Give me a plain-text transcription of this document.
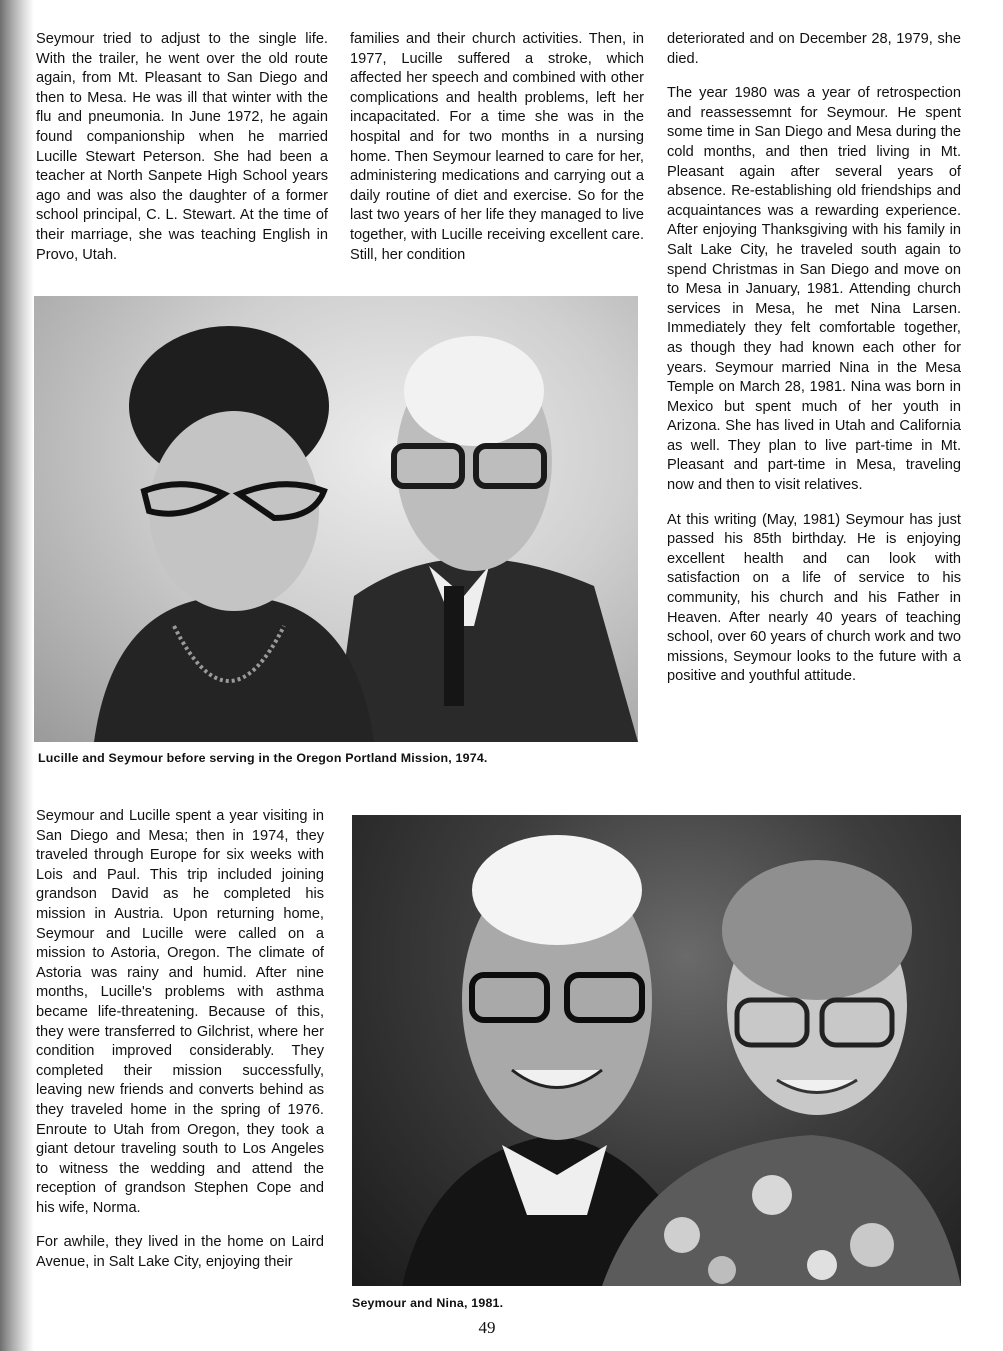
Seymour tried to adjust to the single life. With the trailer, he went over the old route again, from Mt. Pleasant to San Diego and then to Mesa. He was ill that winter with the flu and pneumonia. In June 1972, he again found companionship when he married Lucille Stewart Peterson. She had been a teacher at North Sanpete High School years ago and was also the daughter of a former school principal, C. L. Stewart. At the time of their marriage, she was teaching English in Provo, Utah.

families and their church activities. Then, in 1977, Lucille suffered a stroke, which affected her speech and combined with other complications and health problems, left her incapacitated. For a time she was in the hospital and for two months in a nursing home. Then Seymour learned to care for her, administering medications and carrying out a daily routine of diet and exercise. So for the last two years of her life they managed to live together, with Lucille receiving excellent care. Still, her condition

deteriorated and on December 28, 1979, she died.

The year 1980 was a year of retrospection and reassessemnt for Seymour. He spent some time in San Diego and Mesa during the cold months, and then tried living in Mt. Pleasant again after several years of absence. Re-establishing old friendships and acquaintances was a rewarding experience. After enjoying Thanksgiving with his family in Salt Lake City, he traveled south again to spend Christmas in San Diego and move on to Mesa in January, 1981. Attending church services in Mesa, he met Nina Larsen. Immediately they felt comfortable together, as though they had known each other for years. Seymour married Nina in the Mesa Temple on March 28, 1981. Nina was born in Mexico but spent much of her youth in Arizona. She has lived in Utah and California as well. They plan to live part-time in Mt. Pleasant and part-time in Mesa, traveling now and then to visit relatives.

At this writing (May, 1981) Seymour has just passed his 85th birthday. He is enjoying excellent health and can look with satisfaction on a life of service to his community, his church and his Father in Heaven. After nearly 40 years of teaching school, over 60 years of church work and two missions, Seymour looks to the future with a positive and youthful attitude.

Lucille and Seymour before serving in the Oregon Portland Mission, 1974.

Seymour and Lucille spent a year visiting in San Diego and Mesa; then in 1974, they traveled through Europe for six weeks with Lois and Paul. This trip included joining grandson David as he completed his mission in Austria. Upon returning home, Seymour and Lucille were called on a mission to Astoria, Oregon. The climate of Astoria was rainy and humid. After nine months, Lucille's problems with asthma became life-threatening. Because of this, they were transferred to Gilchrist, where her condition improved considerably. They completed their mission successfully, leaving new friends and converts behind as they traveled home in the spring of 1976. Enroute to Utah from Oregon, they took a giant detour traveling south to Los Angeles to witness the wedding and attend the reception of grandson Stephen Cope and his wife, Norma.

For awhile, they lived in the home on Laird Avenue, in Salt Lake City, enjoying their

Seymour and Nina, 1981.
49
